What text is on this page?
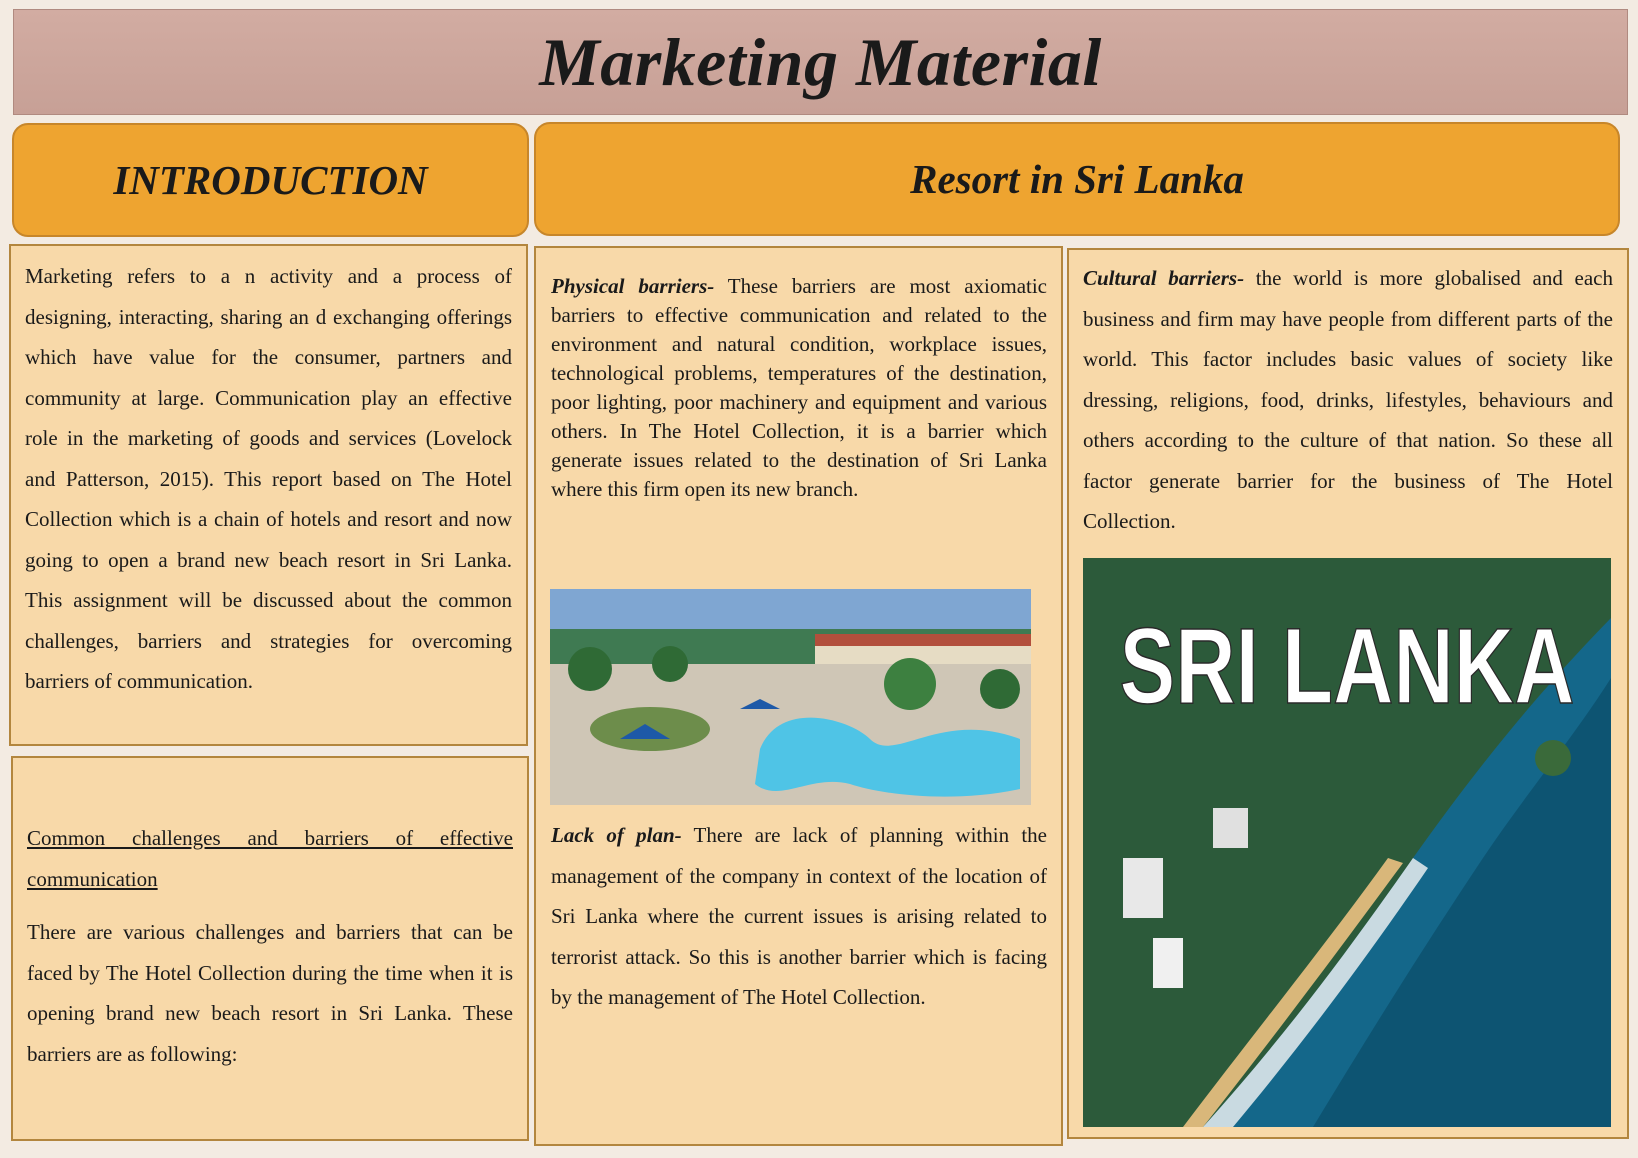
Marketing Material
INTRODUCTION	Resort in Sri Lanka

Marketing refers to a n activity and a process of designing, interacting, sharing an d exchanging offerings which have value for the consumer, partners and community at large. Communication play an effective role in the marketing of goods and services (Lovelock and Patterson, 2015). This report based on The Hotel Collection which is a chain of hotels and resort and now going to open a brand new beach resort in Sri Lanka. This assignment will be discussed about the common challenges, barriers and strategies for overcoming barriers of communication.

Common challenges and barriers of effective communication

There are various challenges and barriers that can be faced by The Hotel Collection during the time when it is opening brand new beach resort in Sri Lanka. These barriers are as following:

Physical barriers- These barriers are most axiomatic barriers to effective communication and related to the environment and natural condition, workplace issues, technological problems, temperatures of the destination, poor lighting, poor machinery and equipment and various others. In The Hotel Collection, it is a barrier which generate issues related to the destination of Sri Lanka where this firm open its new branch.

Lack of plan- There are lack of planning within the management of the company in context of the location of Sri Lanka where the current issues is arising related to terrorist attack. So this is another barrier which is facing by the management of The Hotel Collection.

Cultural barriers- the world is more globalised and each business and firm may have people from different parts of the world. This factor includes basic values of society like dressing, religions, food, drinks, lifestyles, behaviours and others according to the culture of that nation. So these all factor generate barrier for the business of The Hotel Collection.

SRI LANKA
